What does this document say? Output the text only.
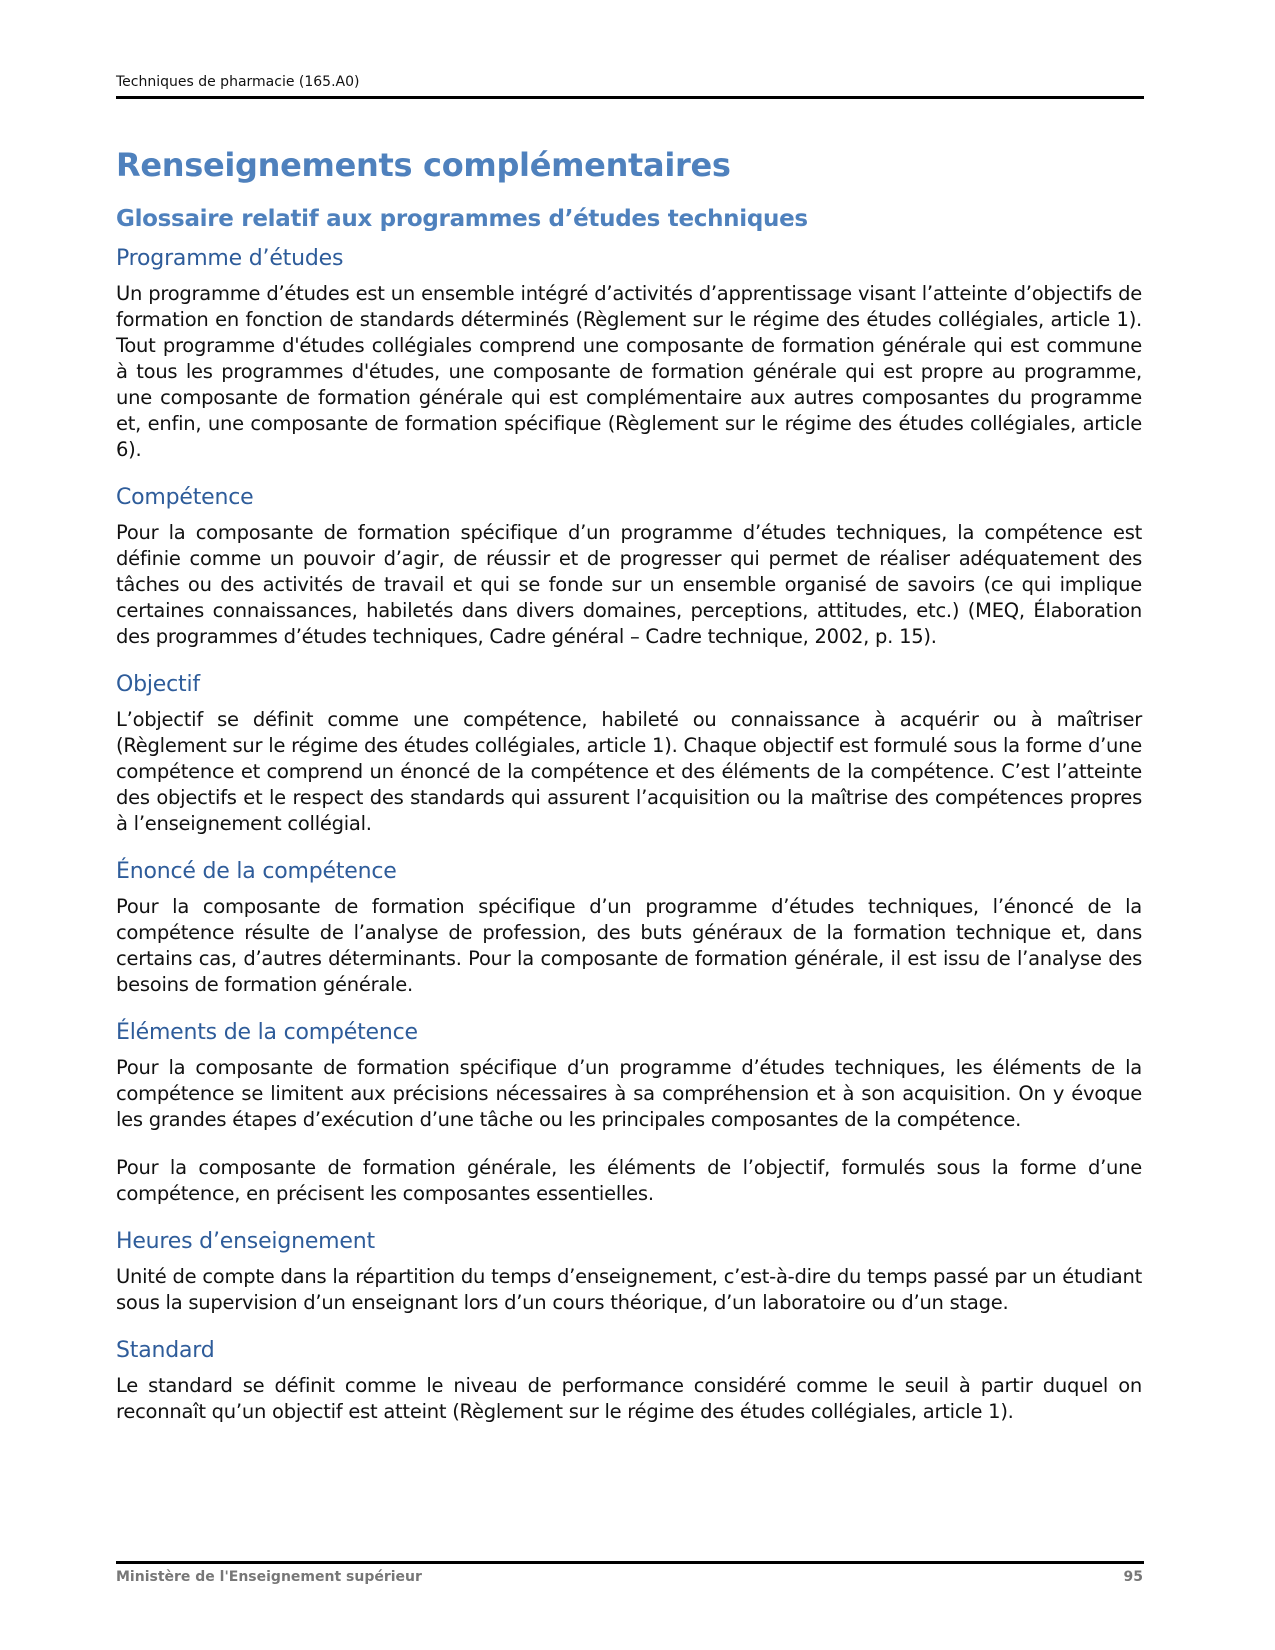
Techniques de pharmacie (165.A0)
Renseignements complémentaires
Glossaire relatif aux programmes d’études techniques
Programme d’études

Un programme d’études est un ensemble intégré d’activités d’apprentissage visant l’atteinte d’objectifs de formation en fonction de standards déterminés (Règlement sur le régime des études collégiales, article 1). Tout programme d'études collégiales comprend une composante de formation générale qui est commune à tous les programmes d'études, une composante de formation générale qui est propre au programme, une composante de formation générale qui est complémentaire aux autres composantes du programme et, enfin, une composante de formation spécifique (Règlement sur le régime des études collégiales, article 6).

Compétence

Pour la composante de formation spécifique d’un programme d’études techniques, la compétence est définie comme un pouvoir d’agir, de réussir et de progresser qui permet de réaliser adéquatement des tâches ou des activités de travail et qui se fonde sur un ensemble organisé de savoirs (ce qui implique certaines connaissances, habiletés dans divers domaines, perceptions, attitudes, etc.) (MEQ, Élaboration des programmes d’études techniques, Cadre général – Cadre technique, 2002, p. 15).

Objectif

L’objectif se définit comme une compétence, habileté ou connaissance à acquérir ou à maîtriser (Règlement sur le régime des études collégiales, article 1). Chaque objectif est formulé sous la forme d’une compétence et comprend un énoncé de la compétence et des éléments de la compétence. C’est l’atteinte des objectifs et le respect des standards qui assurent l’acquisition ou la maîtrise des compétences propres à l’enseignement collégial.

Énoncé de la compétence

Pour la composante de formation spécifique d’un programme d’études techniques, l’énoncé de la compétence résulte de l’analyse de profession, des buts généraux de la formation technique et, dans certains cas, d’autres déterminants. Pour la composante de formation générale, il est issu de l’analyse des besoins de formation générale.

Éléments de la compétence

Pour la composante de formation spécifique d’un programme d’études techniques, les éléments de la compétence se limitent aux précisions nécessaires à sa compréhension et à son acquisition. On y évoque les grandes étapes d’exécution d’une tâche ou les principales composantes de la compétence.

Pour la composante de formation générale, les éléments de l’objectif, formulés sous la forme d’une compétence, en précisent les composantes essentielles.

Heures d’enseignement

Unité de compte dans la répartition du temps d’enseignement, c’est-à-dire du temps passé par un étudiant sous la supervision d’un enseignant lors d’un cours théorique, d’un laboratoire ou d’un stage.

Standard

Le standard se définit comme le niveau de performance considéré comme le seuil à partir duquel on reconnaît qu’un objectif est atteint (Règlement sur le régime des études collégiales, article 1).

Ministère de l'Enseignement supérieur	95
